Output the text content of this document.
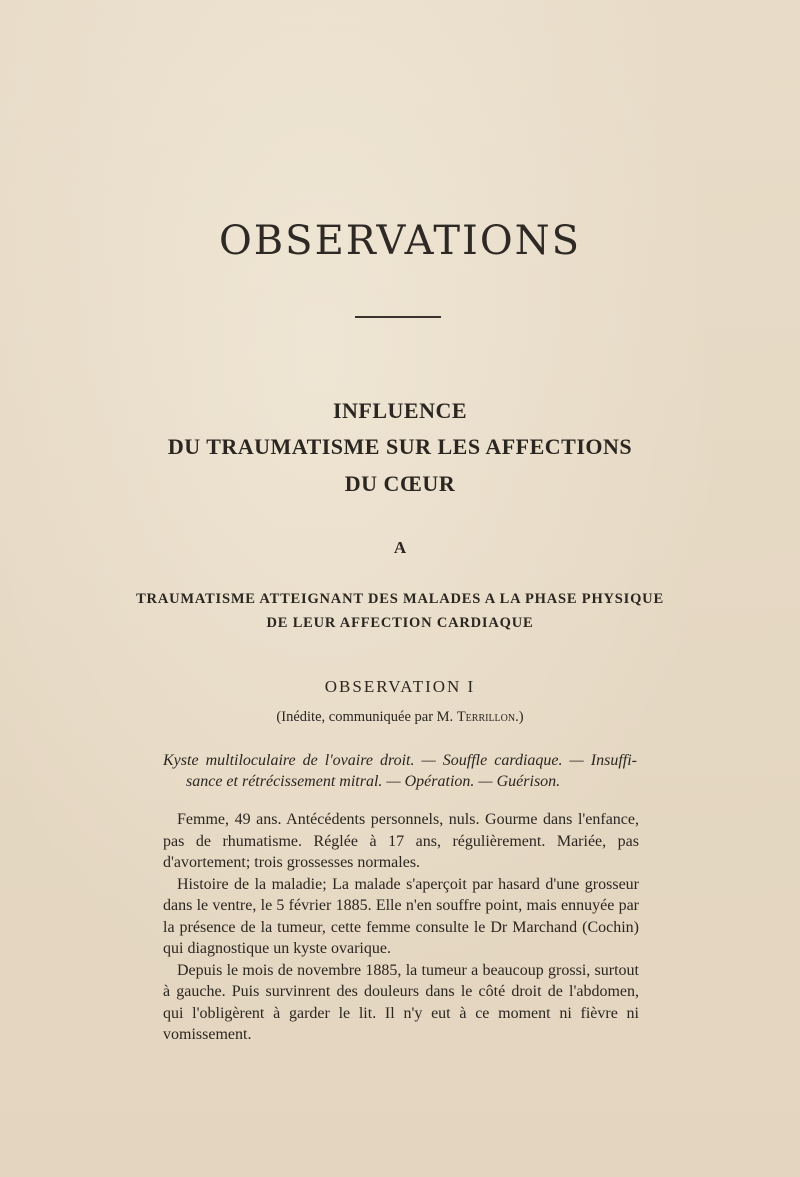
OBSERVATIONS
INFLUENCE
DU TRAUMATISME SUR LES AFFECTIONS
DU CŒUR
A
TRAUMATISME ATTEIGNANT DES MALADES A LA PHASE PHYSIQUE
DE LEUR AFFECTION CARDIAQUE
OBSERVATION I
(Inédite, communiquée par M. Terrillon.)
Kyste multiloculaire de l'ovaire droit. — Souffle cardiaque. — Insuffi-
sance et rétrécissement mitral. — Opération. — Guérison.

Femme, 49 ans. Antécédents personnels, nuls. Gourme dans l'enfance, pas de rhumatisme. Réglée à 17 ans, régulièrement. Mariée, pas d'avortement; trois grossesses normales.

Histoire de la maladie; La malade s'aperçoit par hasard d'une grosseur dans le ventre, le 5 février 1885. Elle n'en souffre point, mais ennuyée par la présence de la tumeur, cette femme consulte le Dr Marchand (Cochin) qui diagnostique un kyste ovarique.

Depuis le mois de novembre 1885, la tumeur a beaucoup grossi, surtout à gauche. Puis survinrent des douleurs dans le côté droit de l'abdomen, qui l'obligèrent à garder le lit. Il n'y eut à ce moment ni fièvre ni vomissement.
